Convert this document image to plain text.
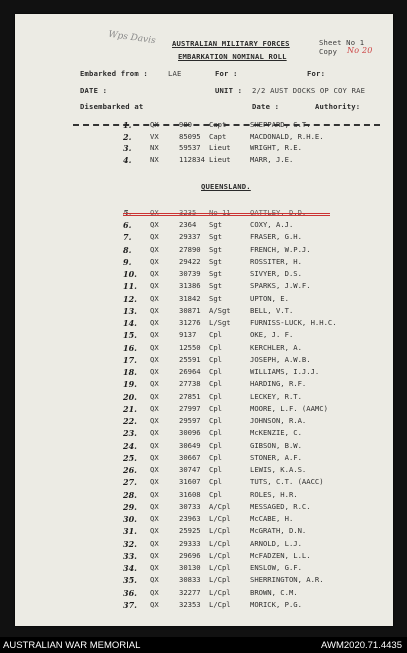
Wps Davis AUSTRALIAN MILITARY FORCES
EMBARKATION NOMINAL ROLL
Sheet No 1
Copy No 20
Embarked from :	LAE	For :	For:
DATE :	UNIT : 2/2 AUST DOCKS OP COY RAE
Disembarked at	Date :	Authority:
1.	QX	980 Capt	SHEPPARD, G.T.
2.	VX	85095 Capt	MACDONALD, R.H.E.
3.	NX	59537 Lieut	WRIGHT, R.E.
4.	NX	112834 Lieut	MARR, J.E.
QUEENSLAND.
5.	QX	3235 No 11	OATTLEY, D.D.
6.	QX	2364 Sgt	COXY, A.J.
7.	QX	29337 Sgt	FRASER, G.H.
8.	QX	27890 Sgt	FRENCH, W.P.J.
9.	QX	29422 Sgt	ROSSITER, H.
10. QX	30739 Sgt	SIVYER, D.S.
11. QX	31386 Sgt	SPARKS, J.W.F.
12. QX	31842 Sgt	UPTON, E.
13. QX	30871 A/Sgt	BELL, V.T.
14. QX	31276 L/Sgt	FURNISS-LUCK, H.H.C.
15. QX	9137 Cpl	OKE, J. F.
16. QX	12550 Cpl	KERCHLER, A.
17. QX	25591 Cpl	JOSEPH, A.W.B.
18. QX	26964 Cpl	WILLIAMS, I.J.J.
19. QX	27738 Cpl	HARDING, R.F.
20. QX	27851 Cpl	LECKEY, R.T.
21. QX	27997 Cpl	MOORE, L.F. (AAMC)
22. QX	29597 Cpl	JOHNSON, R.A.
23. QX	30096 Cpl	McKENZIE, C.
24. QX	30649 Cpl	GIBSON, B.W.
25. QX	30667 Cpl	STONER, A.F.
26. QX	30747 Cpl	LEWIS, K.A.S.
27. QX	31607 Cpl	TUTS, C.T. (AACC)
28. QX	31608 Cpl	ROLES, H.R.
29. QX	30733 A/Cpl	MESSAGED, R.C.
30. QX	23963 L/Cpl	McCABE, H.
31. QX	25925 L/Cpl	McGRATH, D.N.
32. QX	29333 L/Cpl	ARNOLD, L.J.
33. QX	29696 L/Cpl	McFADZEN, L.L.
34. QX	30130 L/Cpl	ENSLOW, G.F.
35. QX	30833 L/Cpl	SHERRINGTON, A.R.
36. QX	32277 L/Cpl	BROWN, C.M.
37. QX	32353 L/Cpl	MORICK, P.G.
AUSTRALIAN WAR MEMORIAL	AWM2020.71.4435
